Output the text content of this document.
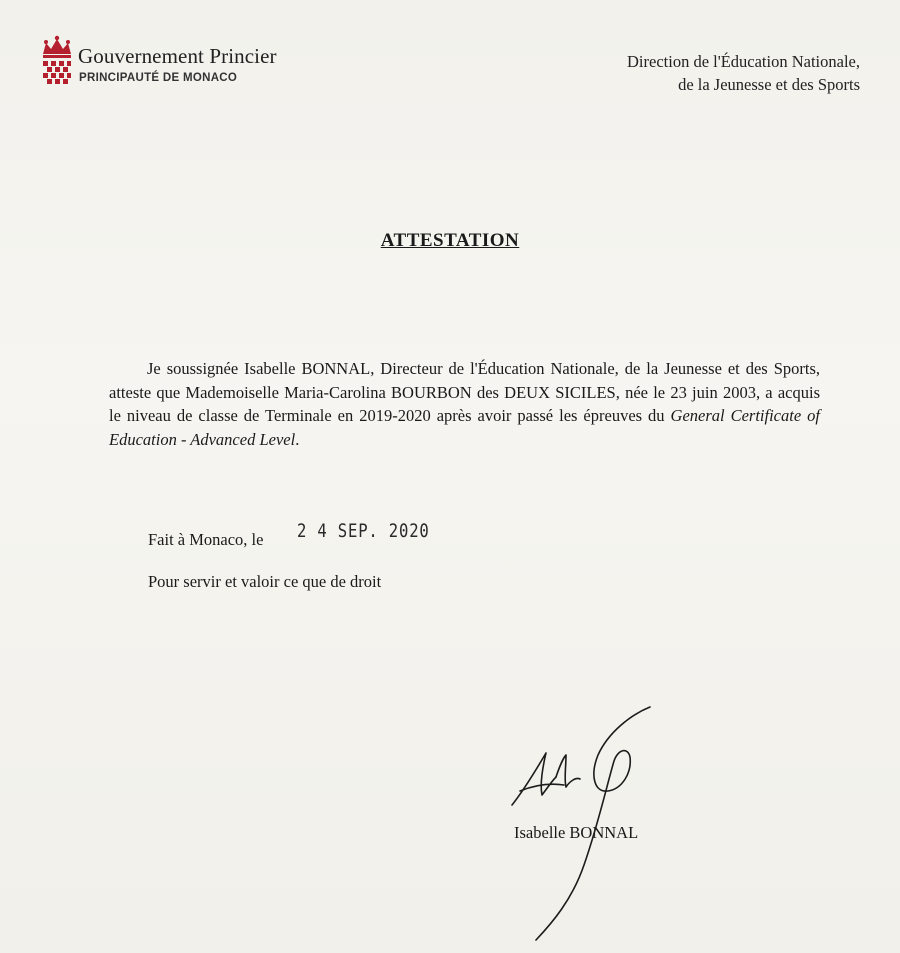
Gouvernement Princier
PRINCIPAUTÉ DE MONACO
Direction de l'Éducation Nationale,
de la Jeunesse et des Sports
ATTESTATION

Je soussignée Isabelle BONNAL, Directeur de l'Éducation Nationale, de la Jeunesse et des Sports, atteste que Mademoiselle Maria-Carolina BOURBON des DEUX SICILES, née le 23 juin 2003, a acquis le niveau de classe de Terminale en 2019-2020 après avoir passé les épreuves du General Certificate of Education - Advanced Level.

Fait à Monaco, le 2 4 SEP. 2020
Pour servir et valoir ce que de droit
Isabelle BONNAL
